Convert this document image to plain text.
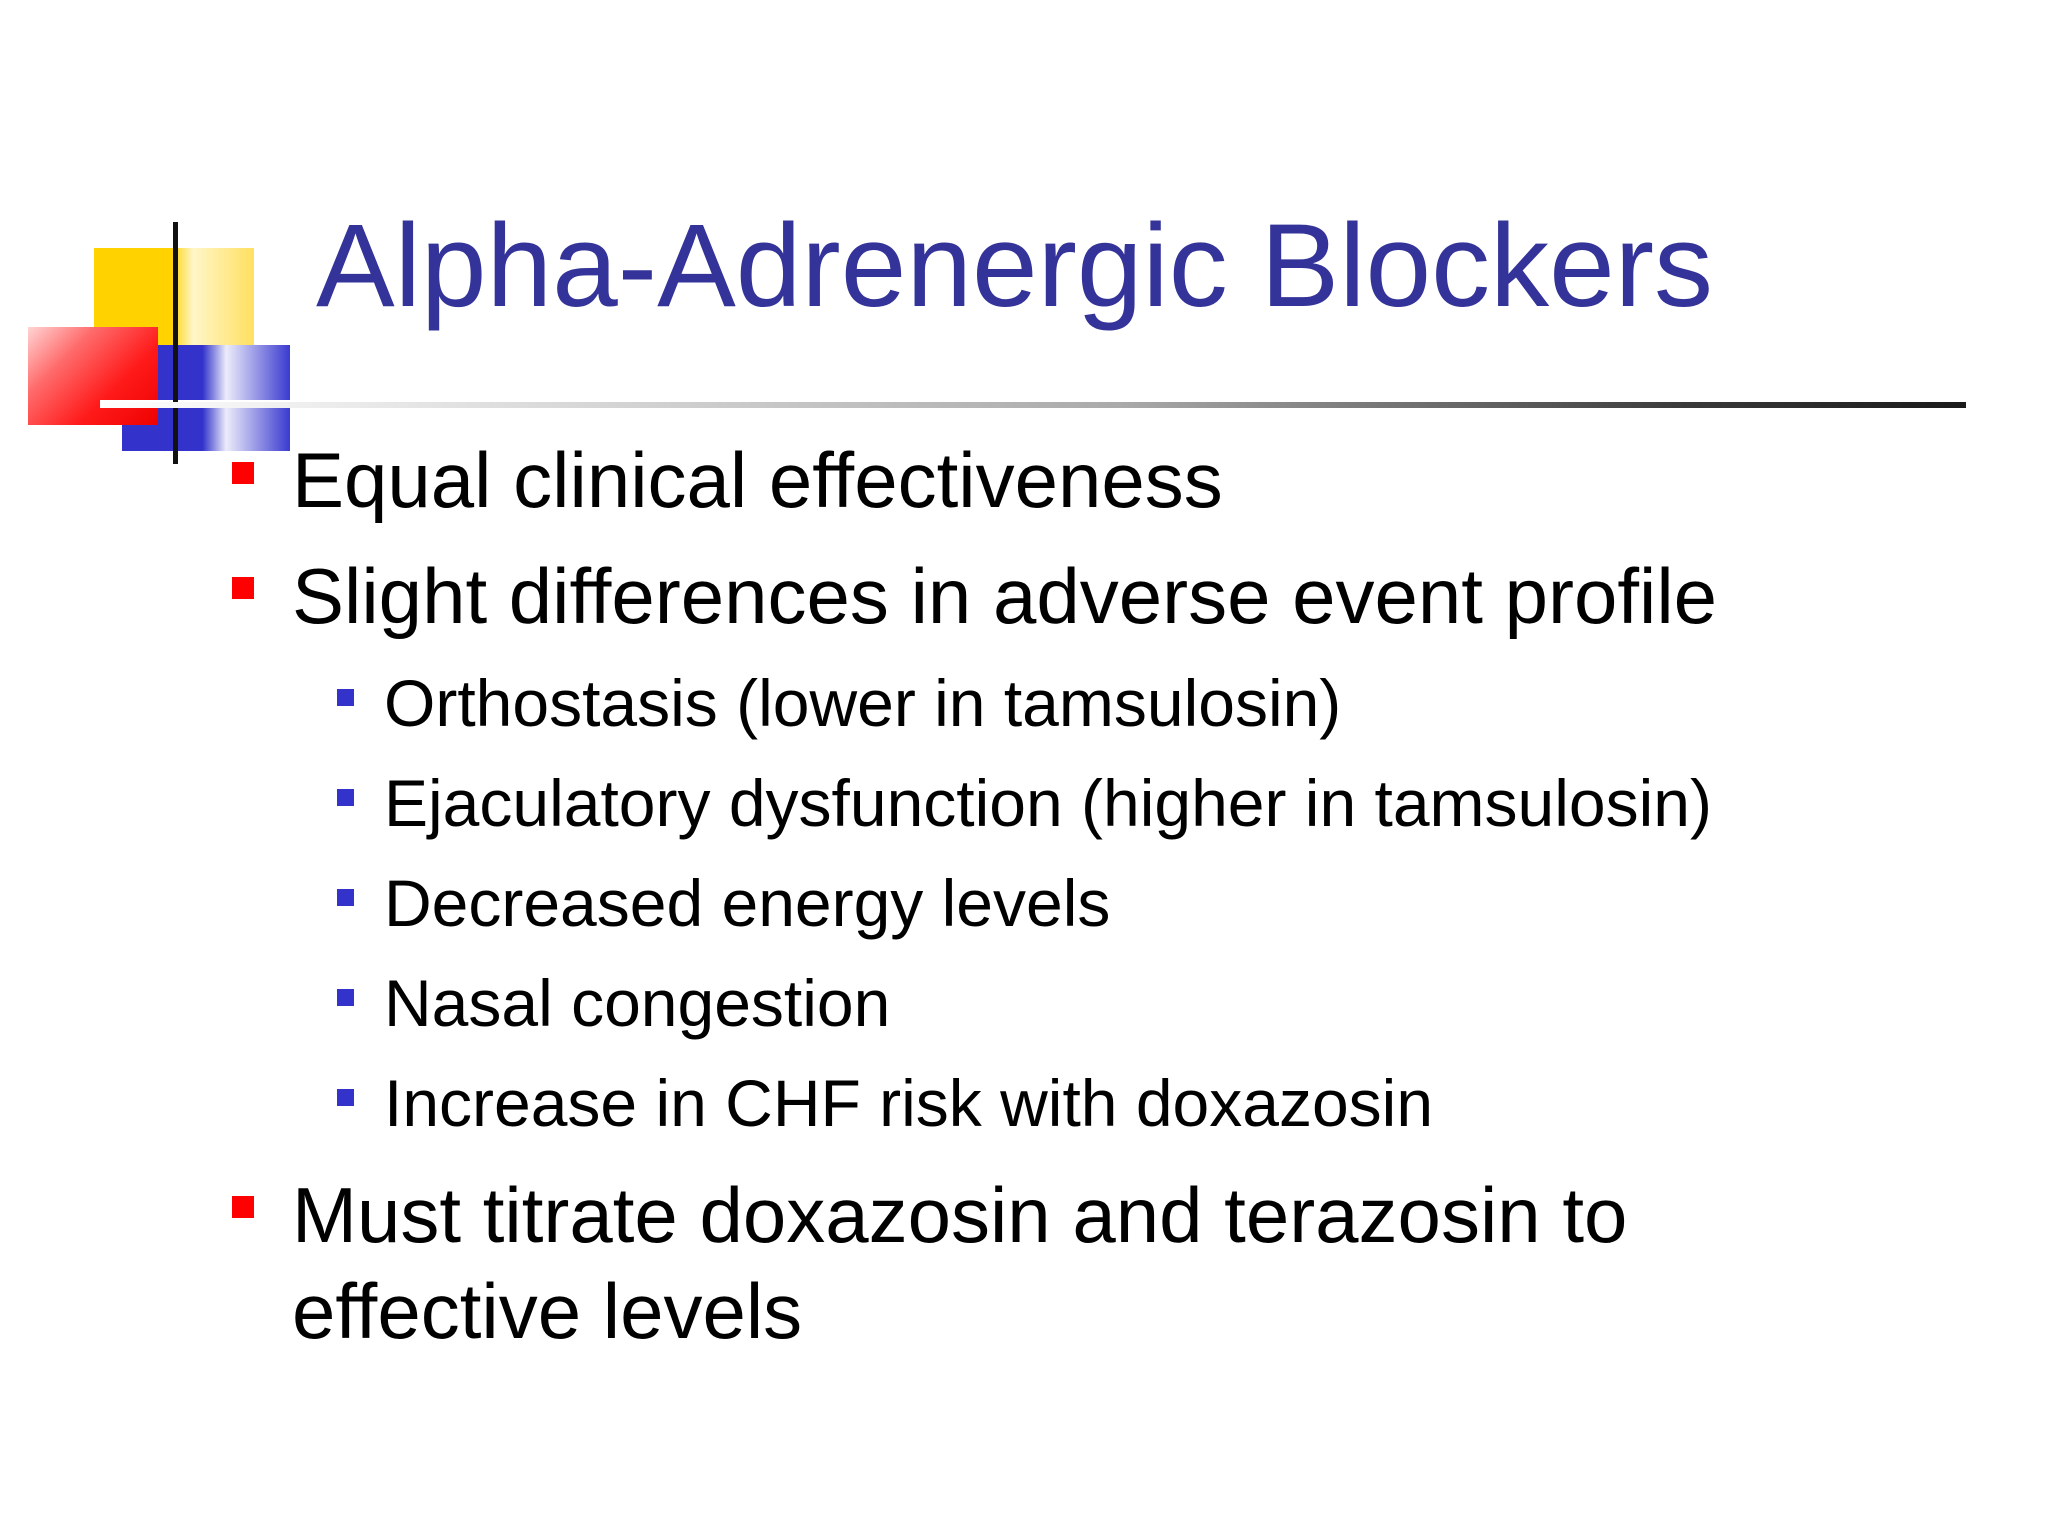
Alpha-Adrenergic Blockers
Equal clinical effectiveness
Slight differences in adverse event profile
Orthostasis (lower in tamsulosin)
Ejaculatory dysfunction (higher in tamsulosin)
Decreased energy levels
Nasal congestion
Increase in CHF risk with doxazosin
Must titrate doxazosin and terazosin to
effective levels
